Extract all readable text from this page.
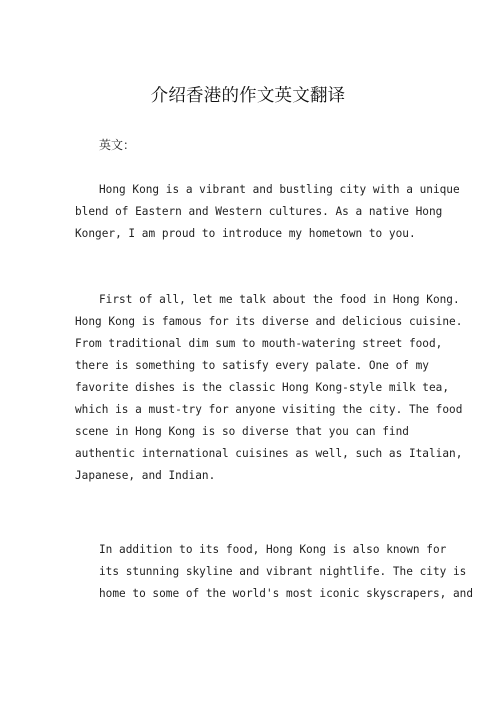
介绍香港的作文英文翻译
英文：
Hong Kong is a vibrant and bustling city with a unique
blend of Eastern and Western cultures. As a native Hong
Konger, I am proud to introduce my hometown to you.
First of all, let me talk about the food in Hong Kong.
Hong Kong is famous for its diverse and delicious cuisine.
From traditional dim sum to mouth-watering street food,
there is something to satisfy every palate. One of my
favorite dishes is the classic Hong Kong-style milk tea,
which is a must-try for anyone visiting the city. The food
scene in Hong Kong is so diverse that you can find
authentic international cuisines as well, such as Italian,
Japanese, and Indian.
In addition to its food, Hong Kong is also known for
its stunning skyline and vibrant nightlife. The city is
home to some of the world's most iconic skyscrapers, and
